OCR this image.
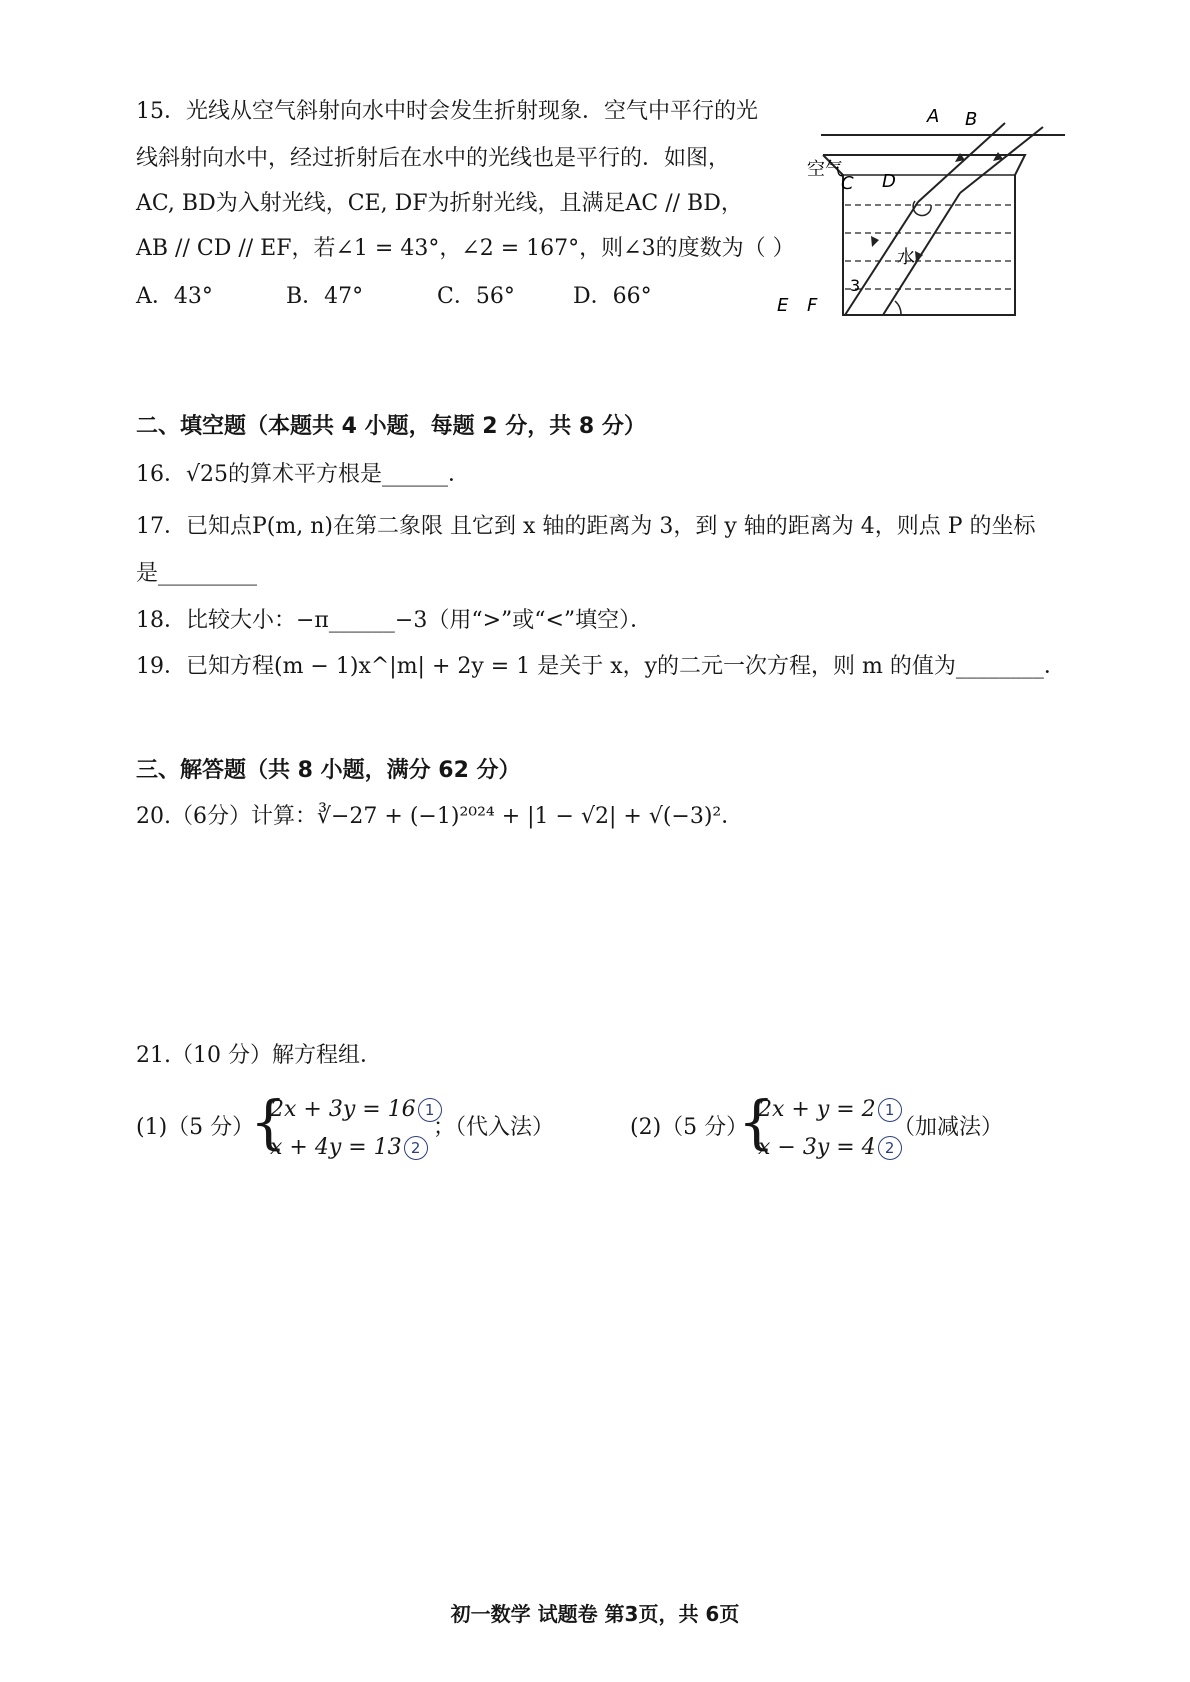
15．光线从空气斜射向水中时会发生折射现象．空气中平行的光
线斜射向水中，经过折射后在水中的光线也是平行的．如图，
AC, BD为入射光线，CE, DF为折射光线，且满足AC // BD，
AB // CD // EF，若∠1 = 43°，∠2 = 167°，则∠3的度数为（ ）
A．43°	B．47°	C．56°	D．66°
A B
空气
C D
水
3
E F
二、填空题（本题共 4 小题，每题 2 分，共 8 分）
16．√25的算术平方根是______．
17．已知点P(m, n)在第二象限 且它到 x 轴的距离为 3，到 y 轴的距离为 4，则点 P 的坐标
是_________
18．比较大小：−π______−3（用“>”或“<”填空）．
19．已知方程(m − 1)x^|m| + 2y = 1 是关于 x，y的二元一次方程，则 m 的值为________．
三、解答题（共 8 小题，满分 62 分）
20.（6分）计算：∛−27 + (−1)²⁰²⁴ + |1 − √2| + √(−3)²．
21.（10 分）解方程组．
(1)（5 分）
{
2x + 3y = 16 1
x + 4y = 13 2
；（代入法）	(2)（5 分）
{
2x + y = 2 1
x − 3y = 4 2
（加减法）
初一数学 试题卷 第3页，共 6页
